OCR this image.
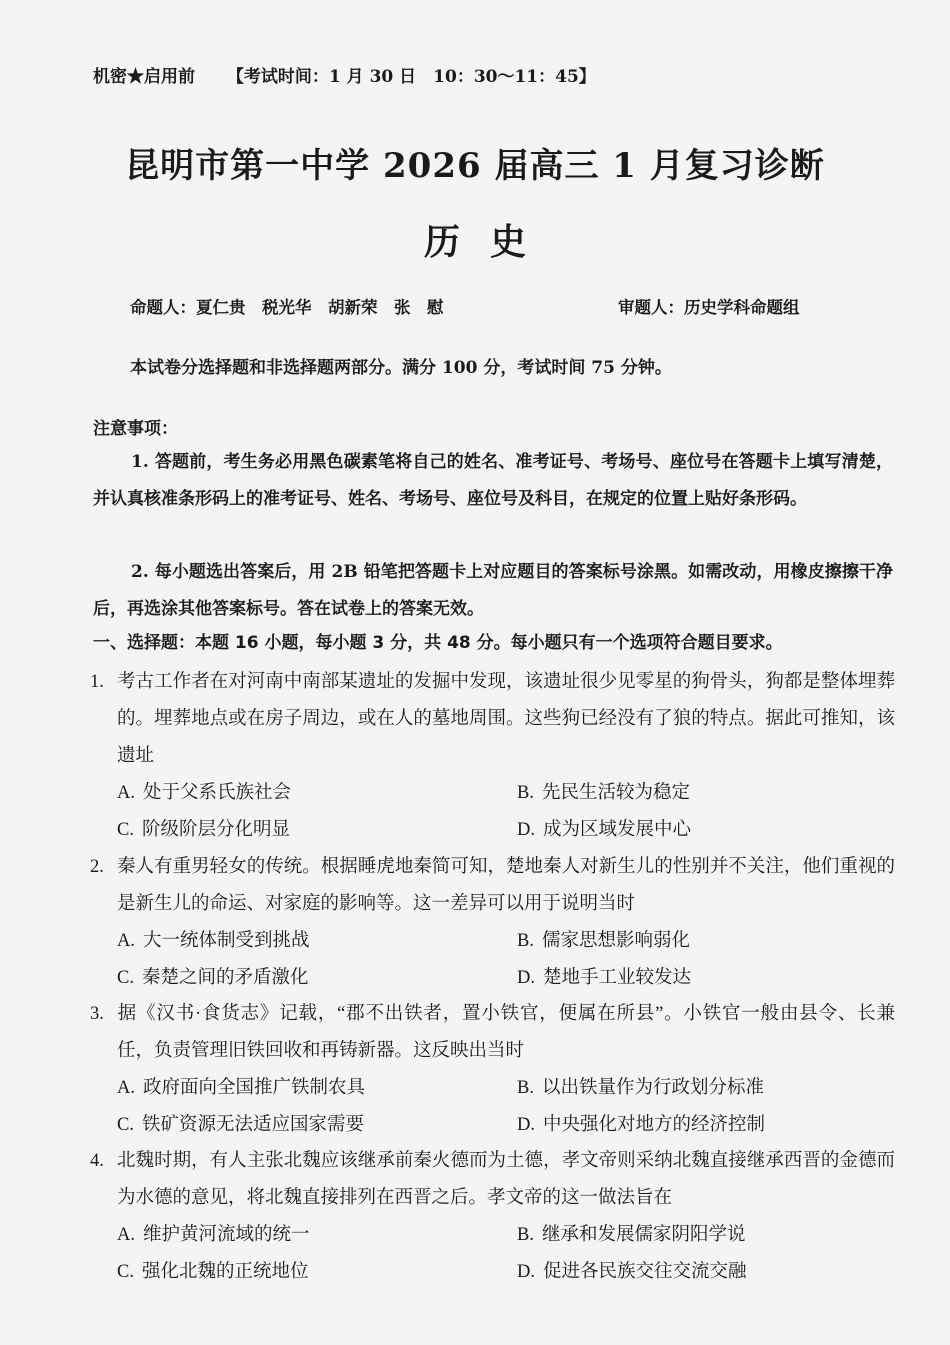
机密★启用前 【考试时间：1 月 30 日　10：30～11：45】
昆明市第一中学 2026 届高三 1 月复习诊断
历史
命题人：夏仁贵　税光华　胡新荣　张　慰	审题人：历史学科命题组
本试卷分选择题和非选择题两部分。满分 100 分，考试时间 75 分钟。
注意事项：
1. 答题前，考生务必用黑色碳素笔将自己的姓名、准考证号、考场号、座位号在答题卡上填写清楚，并认真核准条形码上的准考证号、姓名、考场号、座位号及科目，在规定的位置上贴好条形码。
2. 每小题选出答案后，用 2B 铅笔把答题卡上对应题目的答案标号涂黑。如需改动，用橡皮擦擦干净后，再选涂其他答案标号。答在试卷上的答案无效。
一、选择题：本题 16 小题，每小题 3 分，共 48 分。每小题只有一个选项符合题目要求。
1. 考古工作者在对河南中南部某遗址的发掘中发现，该遗址很少见零星的狗骨头，狗都是整体埋葬的。埋葬地点或在房子周边，或在人的墓地周围。这些狗已经没有了狼的特点。据此可推知，该遗址
A. 处于父系氏族社会	B. 先民生活较为稳定
C. 阶级阶层分化明显	D. 成为区域发展中心
2. 秦人有重男轻女的传统。根据睡虎地秦简可知，楚地秦人对新生儿的性别并不关注，他们重视的是新生儿的命运、对家庭的影响等。这一差异可以用于说明当时
A. 大一统体制受到挑战	B. 儒家思想影响弱化
C. 秦楚之间的矛盾激化	D. 楚地手工业较发达
3. 据《汉书·食货志》记载，“郡不出铁者，置小铁官，便属在所县”。小铁官一般由县令、长兼任，负责管理旧铁回收和再铸新器。这反映出当时
A. 政府面向全国推广铁制农具	B. 以出铁量作为行政划分标准
C. 铁矿资源无法适应国家需要	D. 中央强化对地方的经济控制
4. 北魏时期，有人主张北魏应该继承前秦火德而为土德，孝文帝则采纳北魏直接继承西晋的金德而为水德的意见，将北魏直接排列在西晋之后。孝文帝的这一做法旨在
A. 维护黄河流域的统一	B. 继承和发展儒家阴阳学说
C. 强化北魏的正统地位	D. 促进各民族交往交流交融
